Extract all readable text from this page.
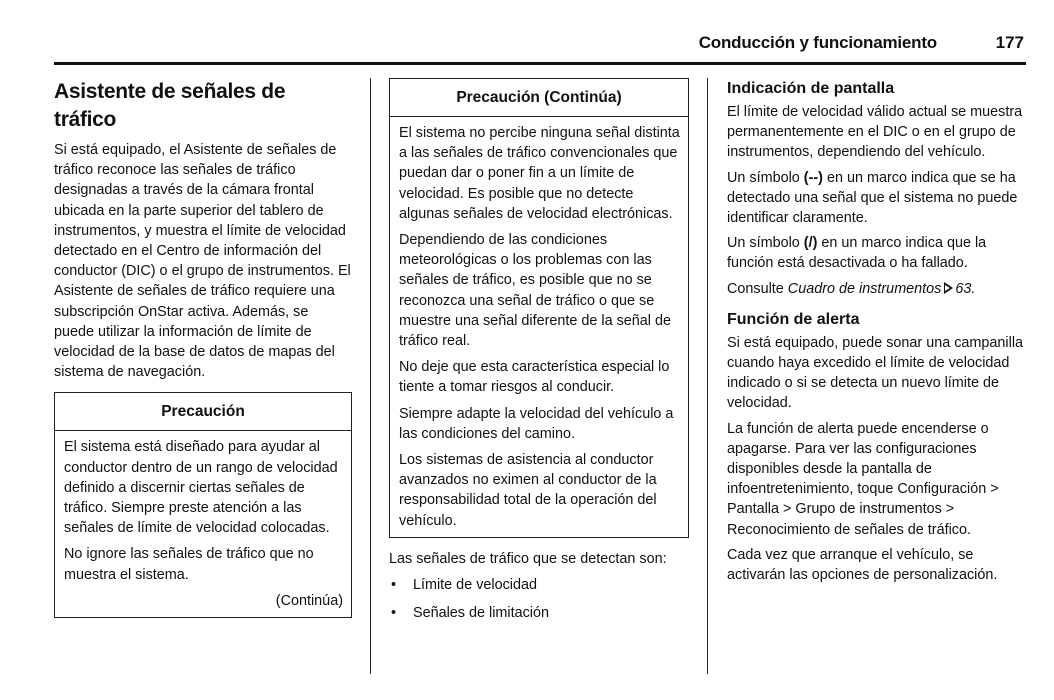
Conducción y funcionamiento	177
Asistente de señales de tráfico

Si está equipado, el Asistente de señales de tráfico reconoce las señales de tráfico designadas a través de la cámara frontal ubicada en la parte superior del tablero de instrumentos, y muestra el límite de velocidad detectado en el Centro de información del conductor (DIC) o el grupo de instrumentos. El Asistente de señales de tráfico requiere una subscripción OnStar activa. Además, se puede utilizar la información de límite de velocidad de la base de datos de mapas del sistema de navegación.

Precaución

El sistema está diseñado para ayudar al conductor dentro de un rango de velocidad definido a discernir ciertas señales de tráfico. Siempre preste atención a las señales de límite de velocidad colocadas.

No ignore las señales de tráfico que no muestra el sistema.

(Continúa)
Precaución (Continúa)

El sistema no percibe ninguna señal distinta a las señales de tráfico convencionales que puedan dar o poner fin a un límite de velocidad. Es posible que no detecte algunas señales de velocidad electrónicas.

Dependiendo de las condiciones meteorológicas o los problemas con las señales de tráfico, es posible que no se reconozca una señal de tráfico o que se muestre una señal diferente de la señal de tráfico real.

No deje que esta característica especial lo tiente a tomar riesgos al conducir.

Siempre adapte la velocidad del vehículo a las condiciones del camino.

Los sistemas de asistencia al conductor avanzados no eximen al conductor de la responsabilidad total de la operación del vehículo.

Las señales de tráfico que se detectan son:

• Límite de velocidad
• Señales de limitación
Indicación de pantalla

El límite de velocidad válido actual se muestra permanentemente en el DIC o en el grupo de instrumentos, dependiendo del vehículo.

Un símbolo (--) en un marco indica que se ha detectado una señal que el sistema no puede identificar claramente.

Un símbolo (/) en un marco indica que la función está desactivada o ha fallado.

Consulte Cuadro de instrumentos 63.

Función de alerta

Si está equipado, puede sonar una campanilla cuando haya excedido el límite de velocidad indicado o si se detecta un nuevo límite de velocidad.

La función de alerta puede encenderse o apagarse. Para ver las configuraciones disponibles desde la pantalla de infoentretenimiento, toque Configuración > Pantalla > Grupo de instrumentos > Reconocimiento de señales de tráfico.

Cada vez que arranque el vehículo, se activarán las opciones de personalización.
